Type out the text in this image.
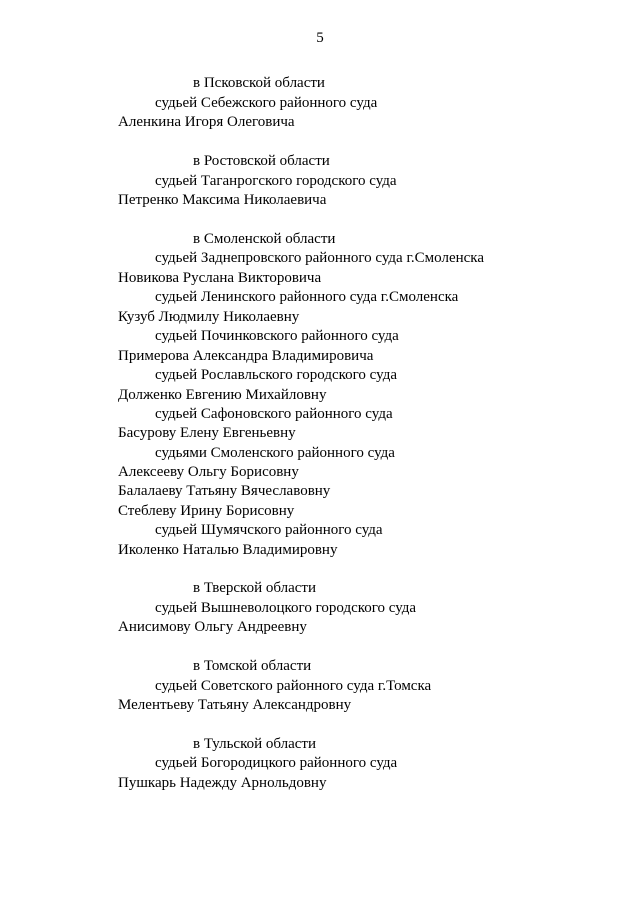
5
в Псковской области
судьей Себежского районного суда
Аленкина Игоря Олеговича
в Ростовской области
судьей Таганрогского городского суда
Петренко Максима Николаевича
в Смоленской области
судьей Заднепровского районного суда г.Смоленска
Новикова Руслана Викторовича
судьей Ленинского районного суда г.Смоленска
Кузуб Людмилу Николаевну
судьей Починковского районного суда
Примерова Александра Владимировича
судьей Рославльского городского суда
Долженко Евгению Михайловну
судьей Сафоновского районного суда
Басурову Елену Евгеньевну
судьями Смоленского районного суда
Алексееву Ольгу Борисовну
Балалаеву Татьяну Вячеславовну
Стеблеву Ирину Борисовну
судьей Шумячского районного суда
Иколенко Наталью Владимировну
в Тверской области
судьей Вышневолоцкого городского суда
Анисимову Ольгу Андреевну
в Томской области
судьей Советского районного суда г.Томска
Мелентьеву Татьяну Александровну
в Тульской области
судьей Богородицкого районного суда
Пушкарь Надежду Арнольдовну
